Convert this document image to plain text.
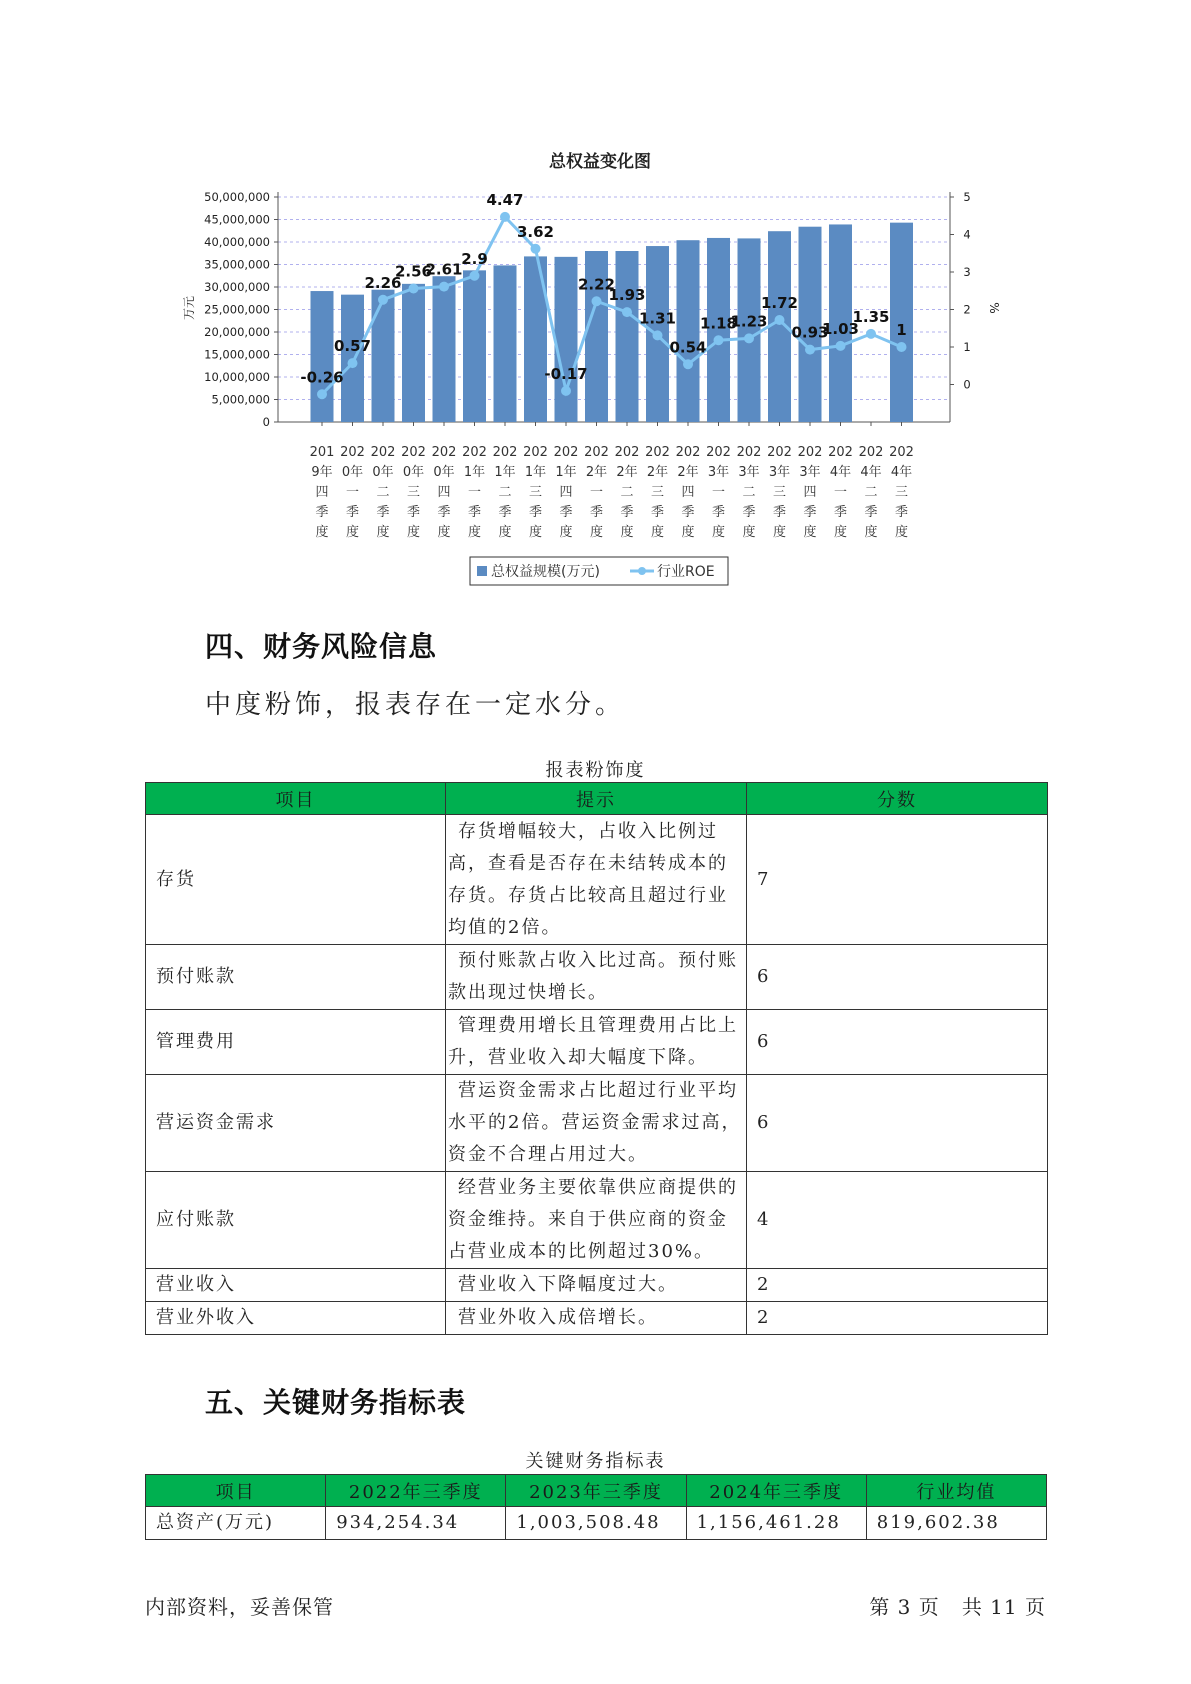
总权益变化图
0
5,000,000
10,000,000
15,000,000
20,000,000
25,000,000
30,000,000
35,000,000
40,000,000
45,000,000
50,000,000
0
1
2
3
4
5
万元	%
201 9年四季度
202 0年一季度
202 0年二季度
202 0年三季度
202 0年四季度
202 1年一季度
202 1年二季度
202 1年三季度
202 1年四季度
202 2年一季度
202 2年二季度
202 2年三季度
202 2年四季度
202 3年一季度
202 3年二季度
202 3年三季度
202 3年四季度
202 4年一季度
202 4年二季度
202 4年三季度
-0.26
0.57
2.26
2.56
2.61
2.9
4.47
3.62
-0.17
2.22
1.93
1.31
0.54
1.18
1.23
1.72
0.93
1.03
1.35
1
总权益规模(万元)	行业ROE
四、财务风险信息
中度粉饰，报表存在一定水分。
报表粉饰度
项目	提示	分数
存货	存货增幅较大，占收入比例过高，查看是否存在未结转成本的存货。存货占比较高且超过行业均值的2倍。	7
预付账款	预付账款占收入比过高。预付账款出现过快增长。	6
管理费用	管理费用增长且管理费用占比上升，营业收入却大幅度下降。	6
营运资金需求	营运资金需求占比超过行业平均水平的2倍。营运资金需求过高，资金不合理占用过大。	6
应付账款	经营业务主要依靠供应商提供的资金维持。来自于供应商的资金占营业成本的比例超过30%。	4
营业收入	营业收入下降幅度过大。	2
营业外收入	营业外收入成倍增长。	2
五、关键财务指标表
关键财务指标表
项目	2022年三季度	2023年三季度	2024年三季度	行业均值
总资产(万元)	934,254.34	1,003,508.48	1,156,461.28	819,602.38
内部资料，妥善保管	第 3 页   共 11 页
